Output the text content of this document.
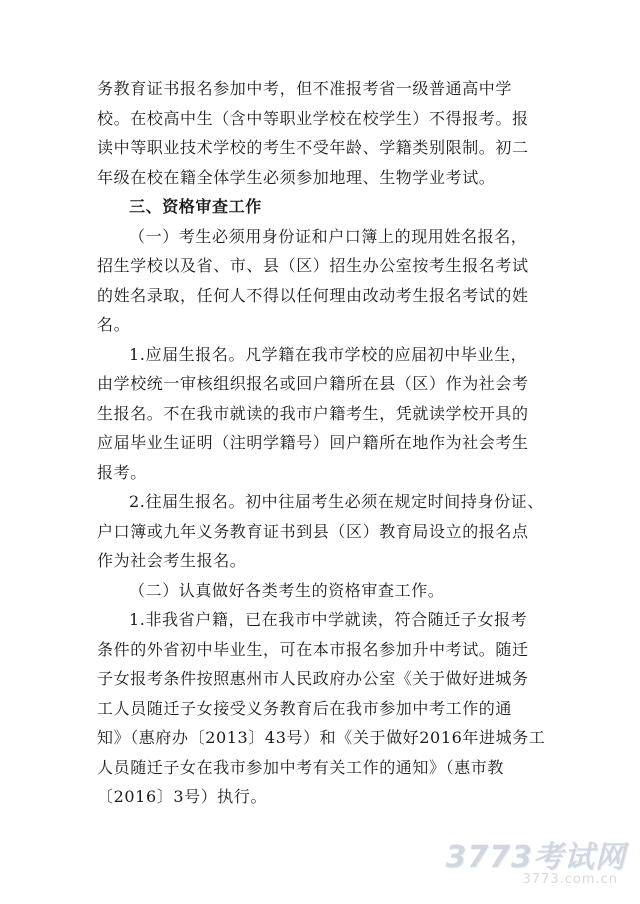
务教育证书报名参加中考，但不准报考省一级普通高中学
校。在校高中生（含中等职业学校在校学生）不得报考。报
读中等职业技术学校的考生不受年龄、学籍类别限制。初二
年级在校在籍全体学生必须参加地理、生物学业考试。
三、资格审查工作
（一）考生必须用身份证和户口簿上的现用姓名报名，
招生学校以及省、市、县（区）招生办公室按考生报名考试
的姓名录取，任何人不得以任何理由改动考生报名考试的姓
名。
1.应届生报名。凡学籍在我市学校的应届初中毕业生，
由学校统一审核组织报名或回户籍所在县（区）作为社会考
生报名。不在我市就读的我市户籍考生，凭就读学校开具的
应届毕业生证明（注明学籍号）回户籍所在地作为社会考生
报考。
2.往届生报名。初中往届考生必须在规定时间持身份证、
户口簿或九年义务教育证书到县（区）教育局设立的报名点
作为社会考生报名。
（二）认真做好各类考生的资格审查工作。
1.非我省户籍，已在我市中学就读，符合随迁子女报考
条件的外省初中毕业生，可在本市报名参加升中考试。随迁
子女报考条件按照惠州市人民政府办公室《关于做好进城务
工人员随迁子女接受义务教育后在我市参加中考工作的通
知》（惠府办〔2013〕43号）和《关于做好2016年进城务工
人员随迁子女在我市参加中考有关工作的通知》（惠市教
〔2016〕3号）执行。
3773考试网
3773.com.cn
